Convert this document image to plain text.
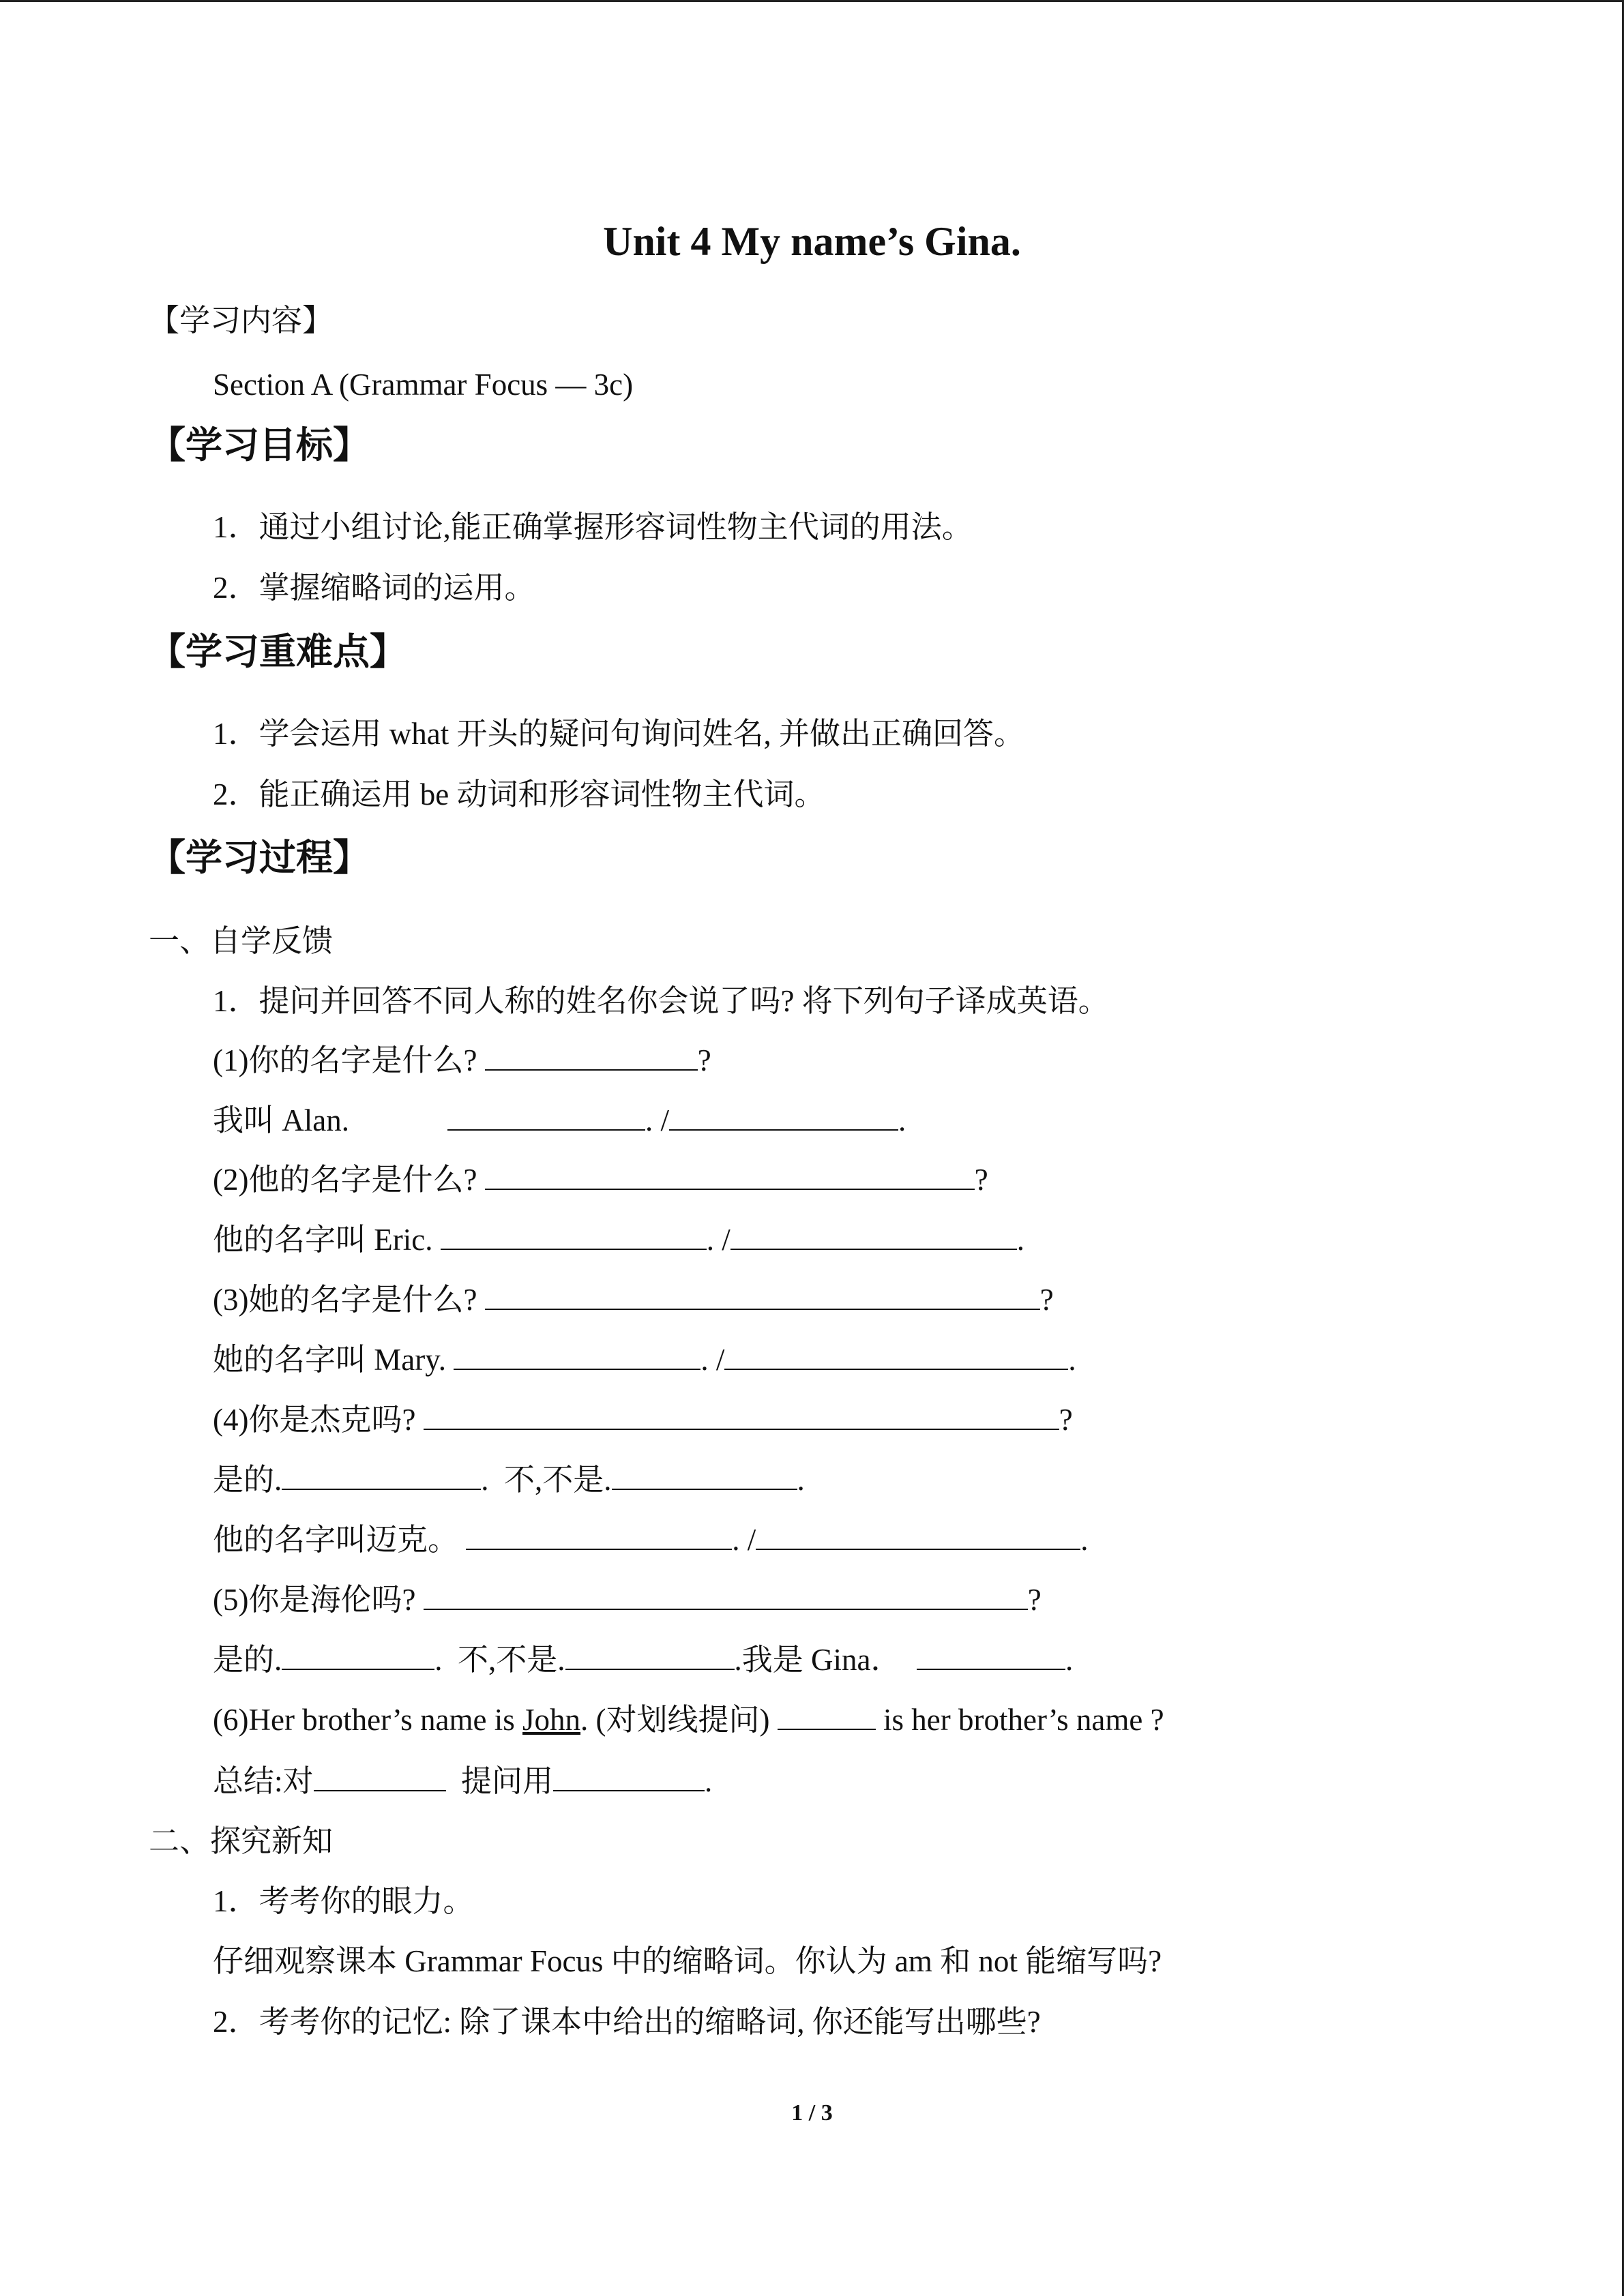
Unit 4 My name’s Gina.
【学习内容】
Section A (Grammar Focus — 3c)
【学习目标】
1．通过小组讨论,能正确掌握形容词性物主代词的用法。
2．掌握缩略词的运用。
【学习重难点】
1．学会运用 what 开头的疑问句询问姓名, 并做出正确回答。
2．能正确运用 be 动词和形容词性物主代词。
【学习过程】
一、自学反馈
1．提问并回答不同人称的姓名你会说了吗? 将下列句子译成英语。
(1)你的名字是什么?	?
我叫 Alan.	. /	.
(2)他的名字是什么?	?
他的名字叫 Eric.	. /	.
(3)她的名字是什么?	?
她的名字叫 Mary.	. /	.
(4)你是杰克吗?	?
是的.	.  不,不是.	.
他的名字叫迈克。	. /	.
(5)你是海伦吗?	?
是的.	.  不,不是.	.我是 Gina．	.
(6)Her brother’s name is John. (对划线提问)	is her brother’s name ?
总结:对	提问用	.
二、探究新知
1．考考你的眼力。
仔细观察课本 Grammar Focus 中的缩略词。你认为 am 和 not 能缩写吗?
2．考考你的记忆: 除了课本中给出的缩略词, 你还能写出哪些?
1 / 3
